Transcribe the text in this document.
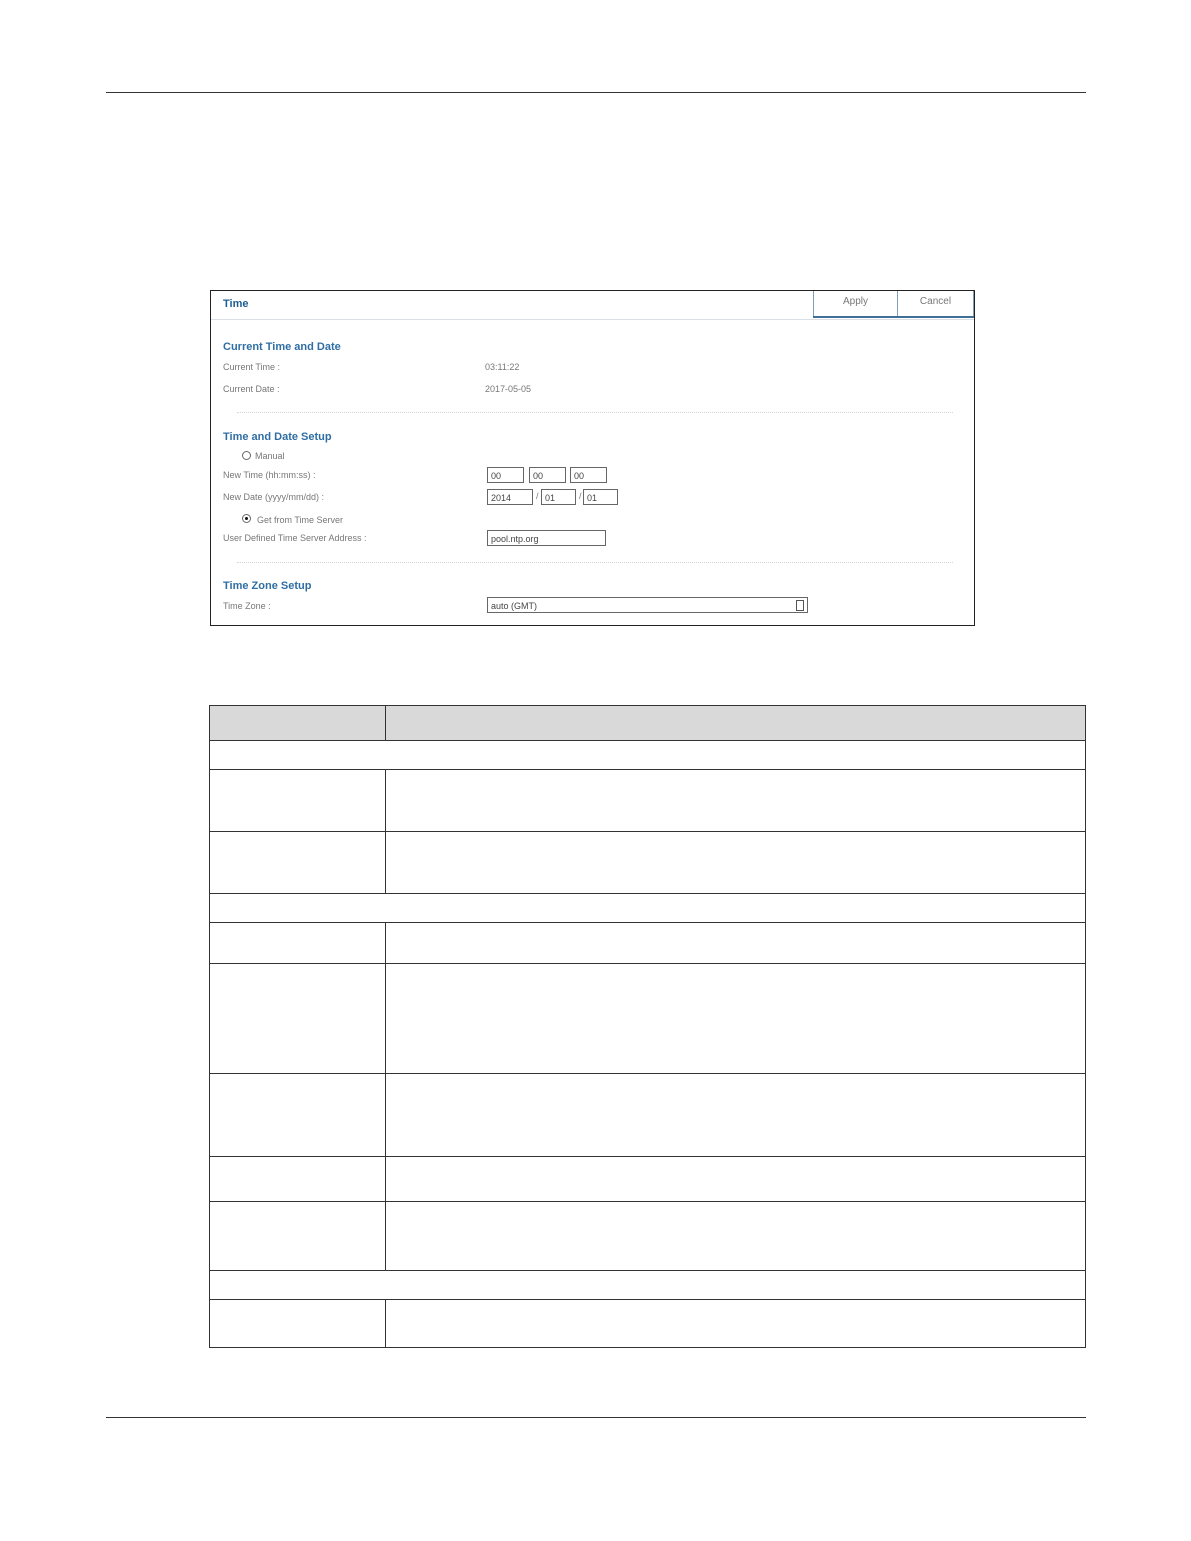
Time	Apply	Cancel
Current Time and Date
Current Time :	03:11:22
Current Date :	2017-05-05
Time and Date Setup
Manual
New Time (hh:mm:ss) :	00	00	00
New Date (yyyy/mm/dd) :	2014	/ 01	/ 01
Get from Time Server
User Defined Time Server Address :	pool.ntp.org
Time Zone Setup
Time Zone :	auto (GMT)
